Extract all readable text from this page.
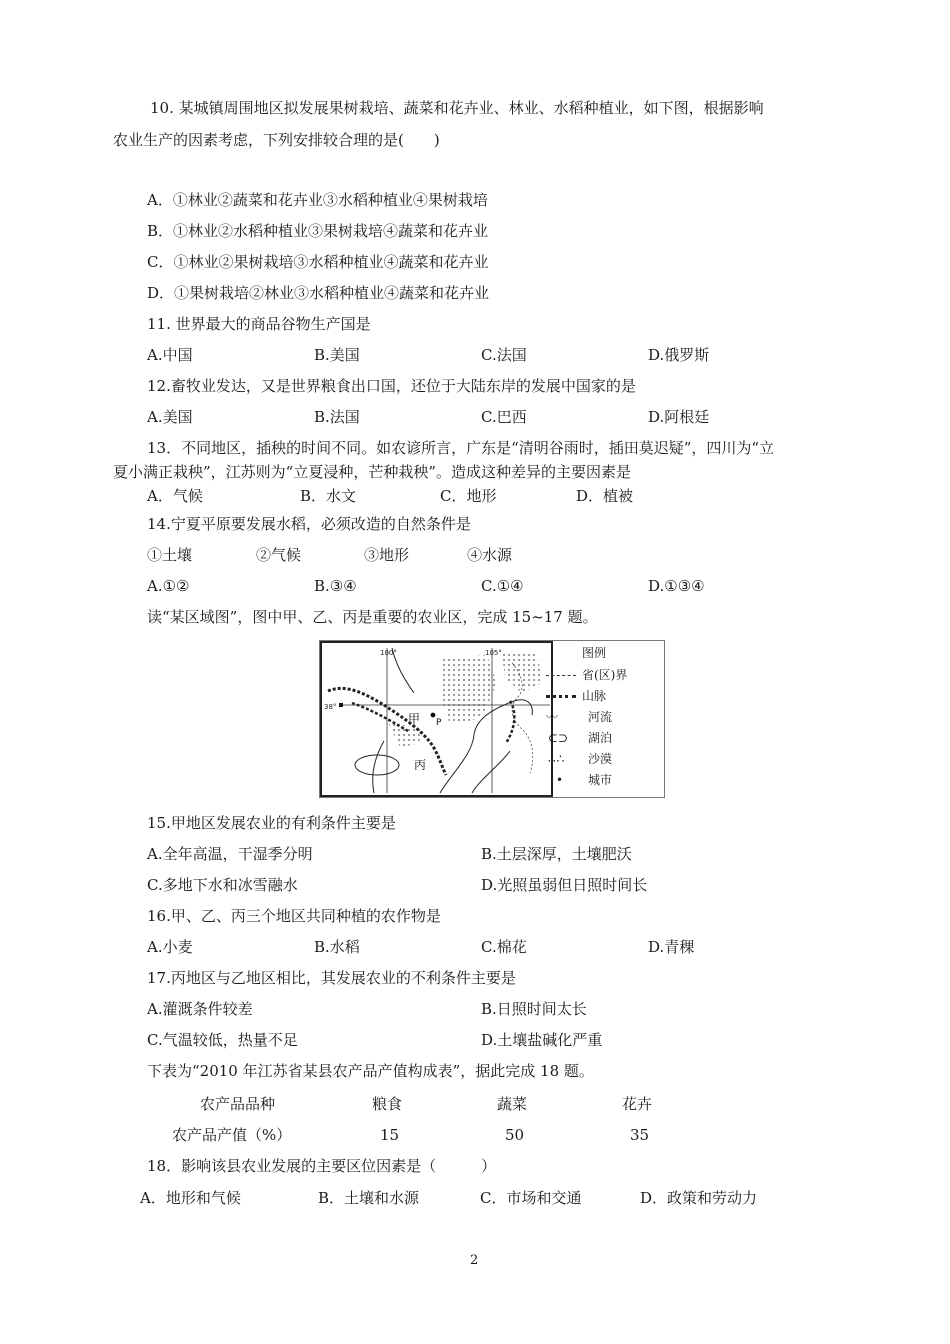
10. 某城镇周围地区拟发展果树栽培、蔬菜和花卉业、林业、水稻种植业，如下图，根据影响
农业生产的因素考虑，下列安排较合理的是(　　)
A．①林业②蔬菜和花卉业③水稻种植业④果树栽培
B．①林业②水稻种植业③果树栽培④蔬菜和花卉业
C．①林业②果树栽培③水稻种植业④蔬菜和花卉业
D．①果树栽培②林业③水稻种植业④蔬菜和花卉业
11. 世界最大的商品谷物生产国是
A.中国	B.美国	C.法国	D.俄罗斯
12.畜牧业发达，又是世界粮食出口国，还位于大陆东岸的发展中国家的是
A.美国	B.法国	C.巴西	D.阿根廷
13．不同地区，插秧的时间不同。如农谚所言，广东是“清明谷雨时，插田莫迟疑”，四川为“立
夏小满正栽秧”，江苏则为“立夏浸种，芒种栽秧”。造成这种差异的主要因素是
A．气候	B．水文	C．地形	D．植被
14.宁夏平原要发展水稻，必须改造的自然条件是
①土壤	②气候	③地形	④水源
A.①②	B.③④	C.①④	D.①③④
读“某区域图”，图中甲、乙、丙是重要的农业区，完成 15~17 题。
100°	105°
38°
甲 P
丙
图例
省(区)界
山脉
〰 河流
⊂⊃ 湖泊
∴∴ 沙漠
• 城市
15.甲地区发展农业的有利条件主要是
A.全年高温，干湿季分明	B.土层深厚，土壤肥沃
C.多地下水和冰雪融水	D.光照虽弱但日照时间长
16.甲、乙、丙三个地区共同种植的农作物是
A.小麦	B.水稻	C.棉花	D.青稞
17.丙地区与乙地区相比，其发展农业的不利条件主要是
A.灌溉条件较差	B.日照时间太长
C.气温较低，热量不足	D.土壤盐碱化严重
下表为“2010 年江苏省某县农产品产值构成表”，据此完成 18 题。
农产品品种	粮食	蔬菜	花卉
农产品产值（%）	15	50	35
18．影响该县农业发展的主要区位因素是（　　　）
A．地形和气候	B．土壤和水源	C．市场和交通	D．政策和劳动力
2
